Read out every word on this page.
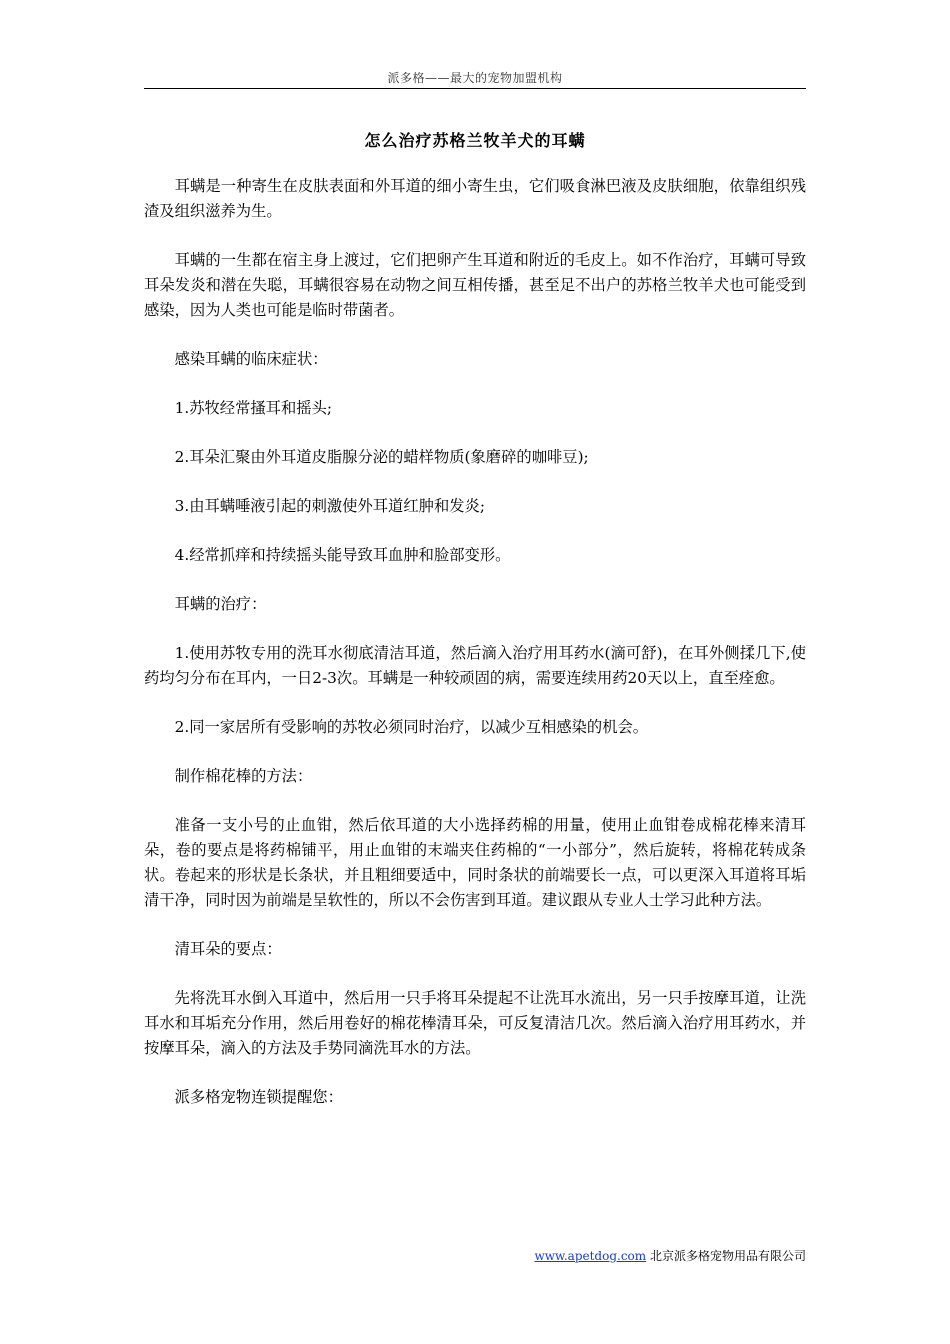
派多格——最大的宠物加盟机构
怎么治疗苏格兰牧羊犬的耳螨

耳螨是一种寄生在皮肤表面和外耳道的细小寄生虫，它们吸食淋巴液及皮肤细胞，依靠组织残渣及组织滋养为生。

耳螨的一生都在宿主身上渡过，它们把卵产生耳道和附近的毛皮上。如不作治疗，耳螨可导致耳朵发炎和潜在失聪，耳螨很容易在动物之间互相传播，甚至足不出户的苏格兰牧羊犬也可能受到感染，因为人类也可能是临时带菌者。

感染耳螨的临床症状：

1.苏牧经常搔耳和摇头;

2.耳朵汇聚由外耳道皮脂腺分泌的蜡样物质(象磨碎的咖啡豆);

3.由耳螨唾液引起的刺激使外耳道红肿和发炎;

4.经常抓痒和持续摇头能导致耳血肿和脸部变形。

耳螨的治疗：

1.使用苏牧专用的洗耳水彻底清洁耳道，然后滴入治疗用耳药水(滴可舒)，在耳外侧揉几下,使药均匀分布在耳内，一日2-3次。耳螨是一种较顽固的病，需要连续用药20天以上，直至痊愈。

2.同一家居所有受影响的苏牧必须同时治疗，以减少互相感染的机会。

制作棉花棒的方法：

准备一支小号的止血钳，然后依耳道的大小选择药棉的用量，使用止血钳卷成棉花棒来清耳朵，卷的要点是将药棉铺平，用止血钳的末端夹住药棉的“一小部分”，然后旋转，将棉花转成条状。卷起来的形状是长条状，并且粗细要适中，同时条状的前端要长一点，可以更深入耳道将耳垢清干净，同时因为前端是呈软性的，所以不会伤害到耳道。建议跟从专业人士学习此种方法。

清耳朵的要点：

先将洗耳水倒入耳道中，然后用一只手将耳朵提起不让洗耳水流出，另一只手按摩耳道，让洗耳水和耳垢充分作用，然后用卷好的棉花棒清耳朵，可反复清洁几次。然后滴入治疗用耳药水，并按摩耳朵，滴入的方法及手势同滴洗耳水的方法。

派多格宠物连锁提醒您：

www.apetdog.com 北京派多格宠物用品有限公司
